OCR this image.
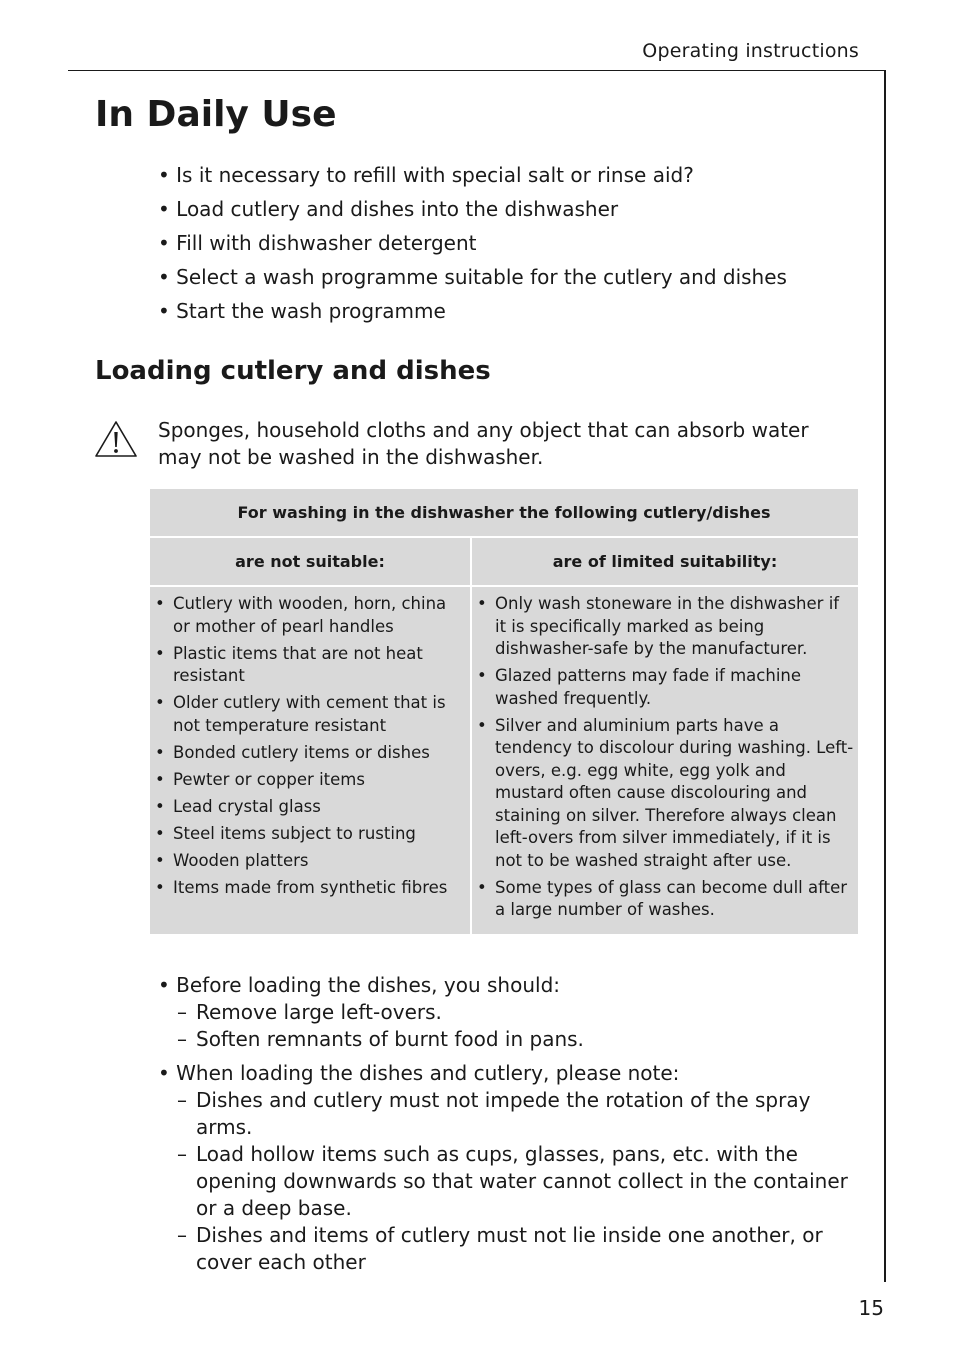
Operating instructions
In Daily Use
• Is it necessary to refill with special salt or rinse aid?
• Load cutlery and dishes into the dishwasher
• Fill with dishwasher detergent
• Select a wash programme suitable for the cutlery and dishes
• Start the wash programme
Loading cutlery and dishes

Sponges, household cloths and any object that can absorb water may not be washed in the dishwasher.

For washing in the dishwasher the following cutlery/dishes
are not suitable:
• Cutlery with wooden, horn, china or mother of pearl handles
• Plastic items that are not heat resistant
• Older cutlery with cement that is not temperature resistant
• Bonded cutlery items or dishes
• Pewter or copper items
• Lead crystal glass
• Steel items subject to rusting
• Wooden platters
• Items made from synthetic fibres
are of limited suitability:
• Only wash stoneware in the dishwasher if it is specifically marked as being dishwasher-safe by the manufacturer.
• Glazed patterns may fade if machine washed frequently.
• Silver and aluminium parts have a tendency to discolour during washing. Left-overs, e.g. egg white, egg yolk and mustard often cause discolouring and staining on silver. Therefore always clean left-overs from silver immediately, if it is not to be washed straight after use.
• Some types of glass can become dull after a large number of washes.
• Before loading the dishes, you should:
– Remove large left-overs.
– Soften remnants of burnt food in pans.
• When loading the dishes and cutlery, please note:
– Dishes and cutlery must not impede the rotation of the spray arms.
– Load hollow items such as cups, glasses, pans, etc. with the opening downwards so that water cannot collect in the container or a deep base.
– Dishes and items of cutlery must not lie inside one another, or cover each other
15
